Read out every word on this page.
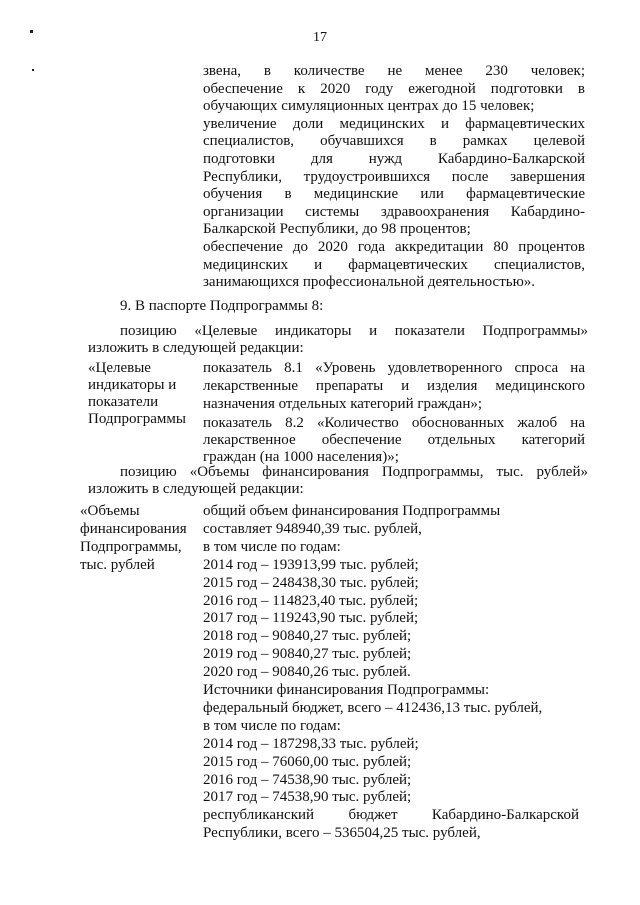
17
звена, в количестве не менее 230 человек;
обеспечение к 2020 году ежегодной подготовки в
обучающих симуляционных центрах до 15 человек;
увеличение доли медицинских и фармацевтических
специалистов, обучавшихся в рамках целевой
подготовки для нужд Кабардино-Балкарской
Республики, трудоустроившихся после завершения
обучения в медицинские или фармацевтические
организации системы здравоохранения Кабардино-
Балкарской Республики, до 98 процентов;
обеспечение до 2020 года аккредитации 80 процентов
медицинских и фармацевтических специалистов,
занимающихся профессиональной деятельностью».
9. В паспорте Подпрограммы 8:
позицию «Целевые индикаторы и показатели Подпрограммы»
изложить в следующей редакции:
«Целевые
индикаторы и
показатели
Подпрограммы
показатель 8.1 «Уровень удовлетворенного спроса на
лекарственные препараты и изделия медицинского
назначения отдельных категорий граждан»;
показатель 8.2 «Количество обоснованных жалоб на
лекарственное обеспечение отдельных категорий
граждан (на 1000 населения)»;
позицию «Объемы финансирования Подпрограммы, тыс. рублей»
изложить в следующей редакции:
«Объемы
финансирования
Подпрограммы,
тыс. рублей
общий объем финансирования Подпрограммы
составляет 948940,39 тыс. рублей,
в том числе по годам:
2014 год – 193913,99 тыс. рублей;
2015 год – 248438,30 тыс. рублей;
2016 год – 114823,40 тыс. рублей;
2017 год – 119243,90 тыс. рублей;
2018 год – 90840,27 тыс. рублей;
2019 год – 90840,27 тыс. рублей;
2020 год – 90840,26 тыс. рублей.
Источники финансирования Подпрограммы:
федеральный бюджет, всего – 412436,13 тыс. рублей,
в том числе по годам:
2014 год – 187298,33 тыс. рублей;
2015 год – 76060,00 тыс. рублей;
2016 год – 74538,90 тыс. рублей;
2017 год – 74538,90 тыс. рублей;
республиканский бюджет Кабардино-Балкарской
Республики, всего – 536504,25 тыс. рублей,
